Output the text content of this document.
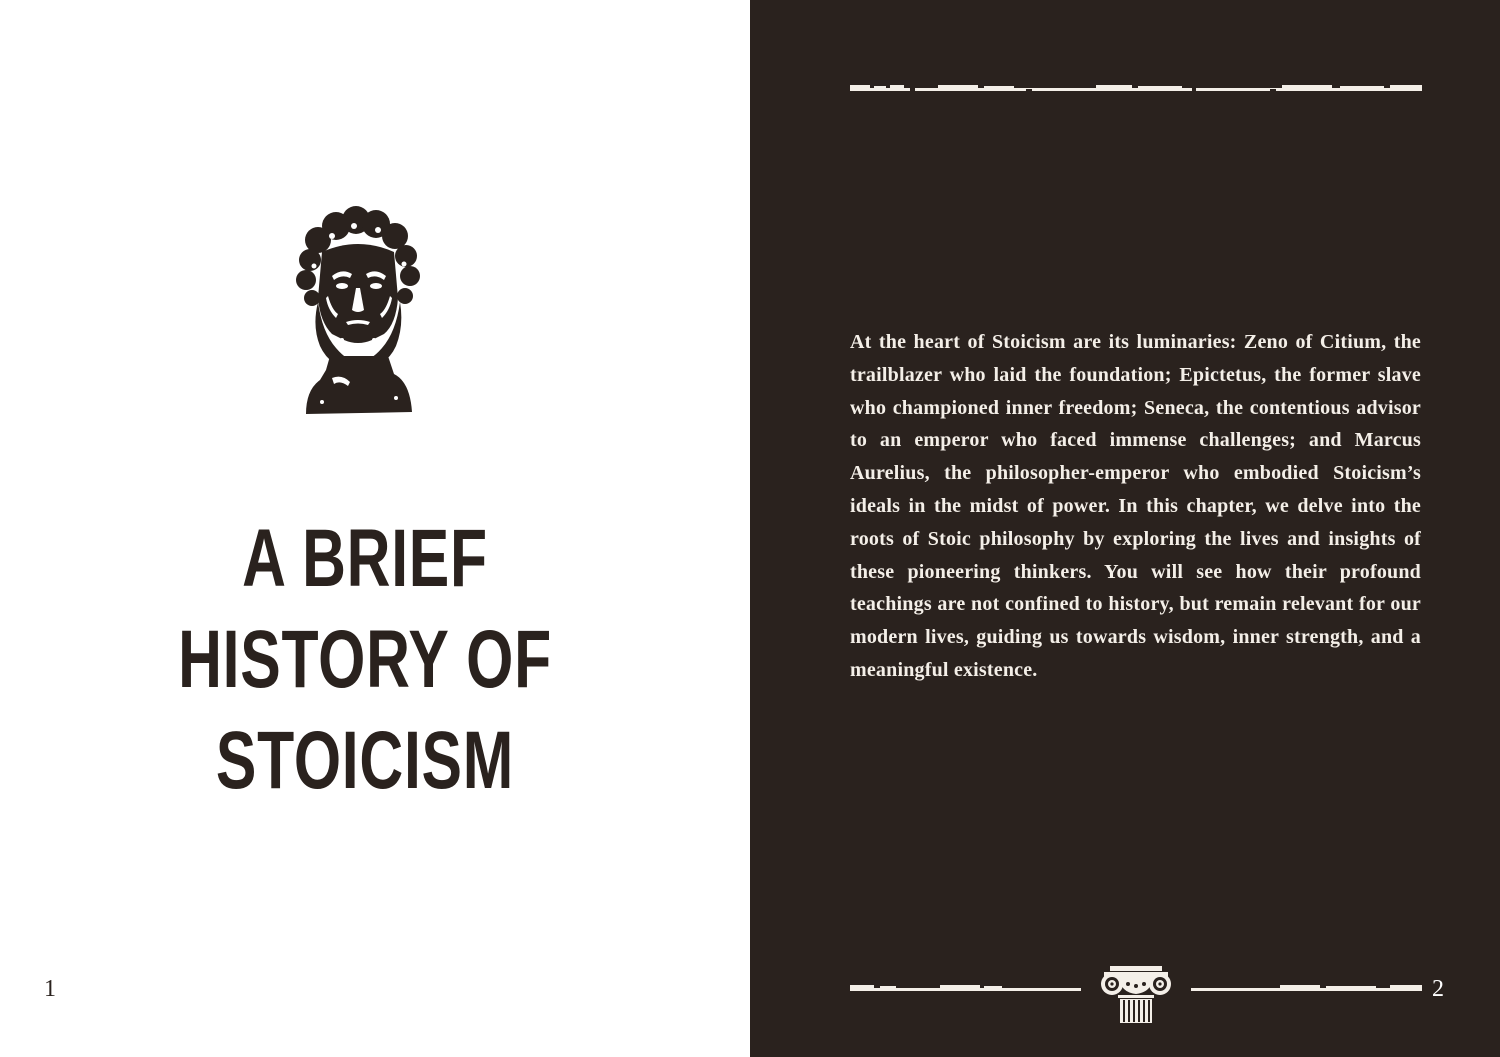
A BRIEF
HISTORY OF
STOICISM
1

At the heart of Stoicism are its luminaries: Zeno of Citium, the trailblazer who laid the foundation; Epictetus, the former slave who championed inner freedom; Seneca, the contentious advisor to an emperor who faced immense challenges; and Marcus Aurelius, the philosopher-emperor who embodied Stoicism’s ideals in the midst of power. In this chapter, we delve into the roots of Stoic philosophy by exploring the lives and insights of these pioneering thinkers. You will see how their profound teachings are not confined to history, but remain relevant for our modern lives, guiding us towards wisdom, inner strength, and a meaningful existence.

2
